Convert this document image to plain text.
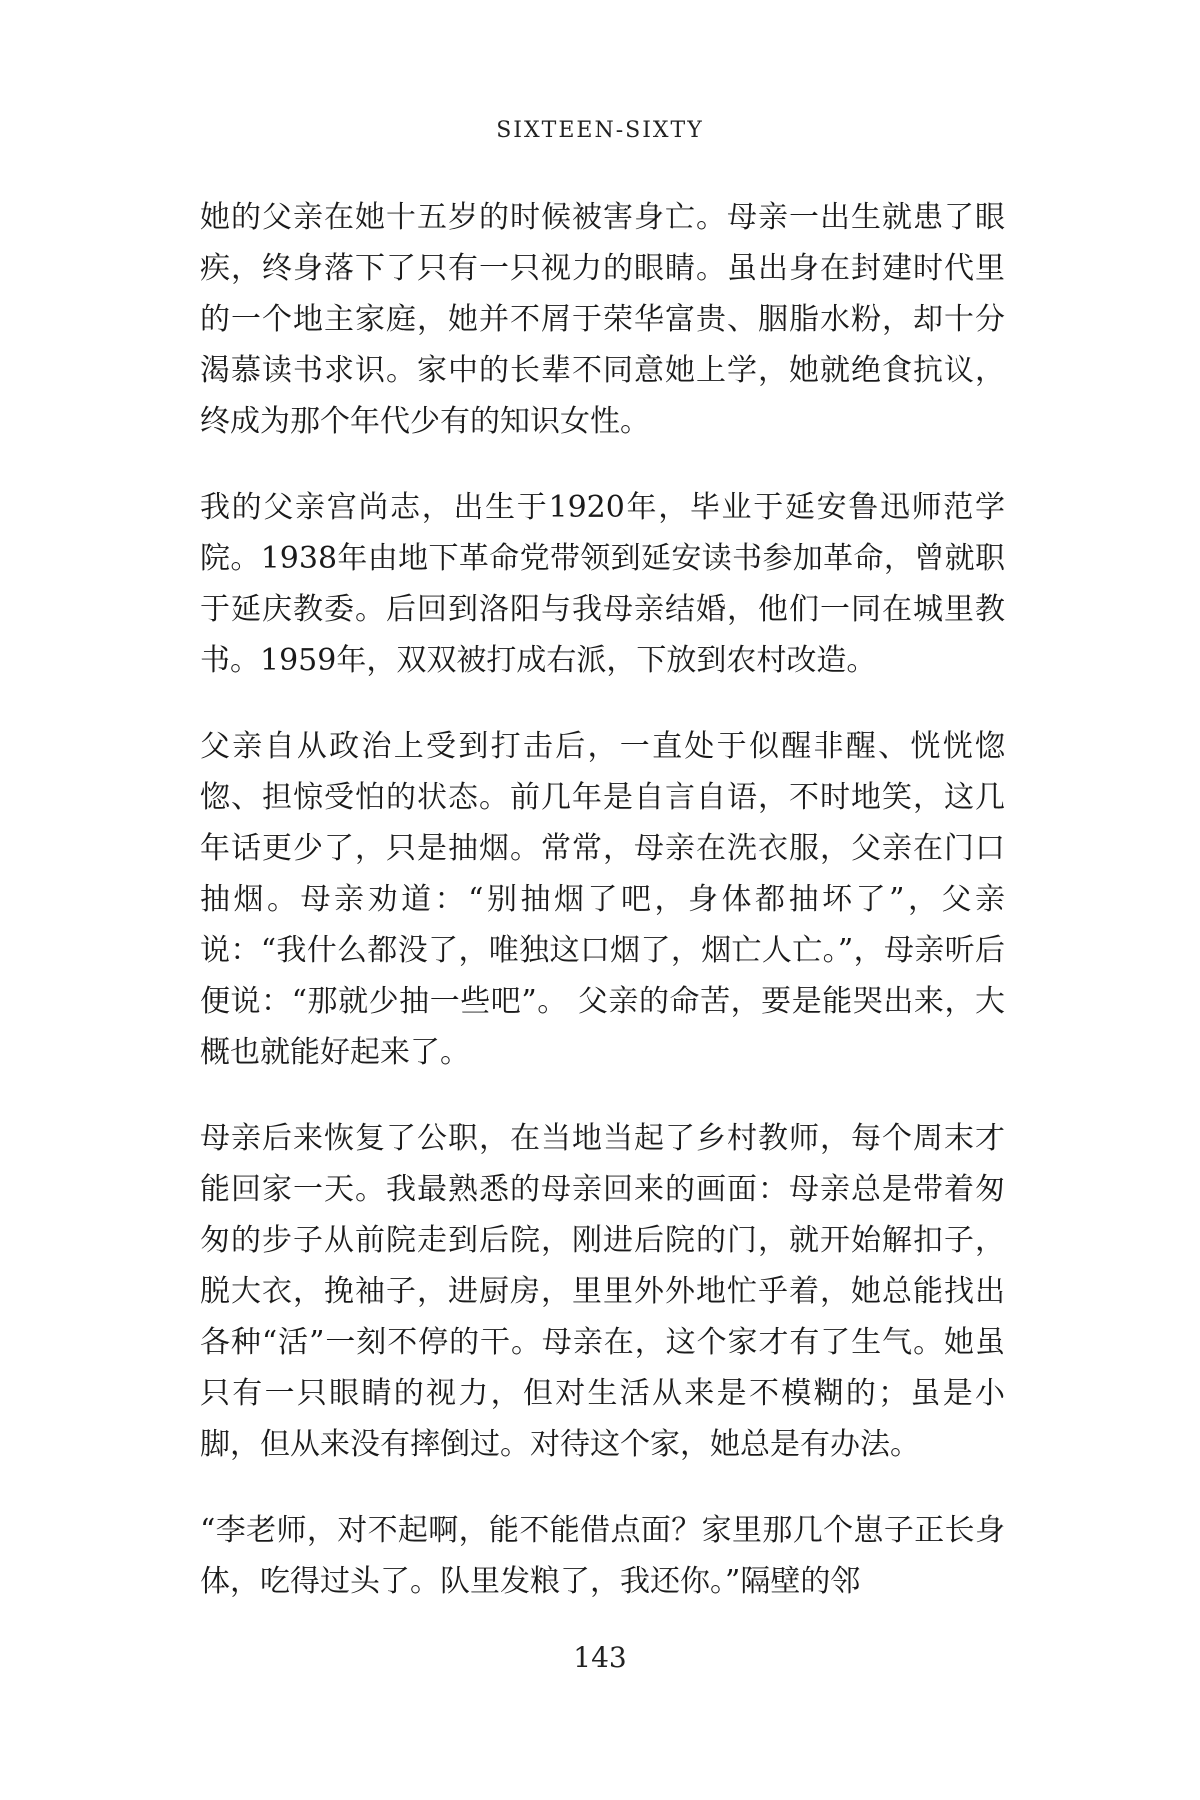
SIXTEEN-SIXTY

她的父亲在她十五岁的时候被害身亡。母亲一出生就患了眼疾，终身落下了只有一只视力的眼睛。虽出身在封建时代里的一个地主家庭，她并不屑于荣华富贵、胭脂水粉，却十分渴慕读书求识。家中的长辈不同意她上学，她就绝食抗议，终成为那个年代少有的知识女性。

我的父亲宫尚志，出生于1920年，毕业于延安鲁迅师范学院。1938年由地下革命党带领到延安读书参加革命，曾就职于延庆教委。后回到洛阳与我母亲结婚，他们一同在城里教书。1959年，双双被打成右派，下放到农村改造。

父亲自从政治上受到打击后，一直处于似醒非醒、恍恍惚惚、担惊受怕的状态。前几年是自言自语，不时地笑，这几年话更少了，只是抽烟。常常，母亲在洗衣服，父亲在门口抽烟。母亲劝道：“别抽烟了吧，身体都抽坏了”，父亲说：“我什么都没了，唯独这口烟了，烟亡人亡。”，母亲听后便说：“那就少抽一些吧”。 父亲的命苦，要是能哭出来，大概也就能好起来了。

母亲后来恢复了公职，在当地当起了乡村教师，每个周末才能回家一天。我最熟悉的母亲回来的画面：母亲总是带着匆匆的步子从前院走到后院，刚进后院的门，就开始解扣子，脱大衣，挽袖子，进厨房，里里外外地忙乎着，她总能找出各种“活”一刻不停的干。母亲在，这个家才有了生气。她虽只有一只眼睛的视力，但对生活从来是不模糊的；虽是小脚，但从来没有摔倒过。对待这个家，她总是有办法。

“李老师，对不起啊，能不能借点面？家里那几个崽子正长身体，吃得过头了。队里发粮了，我还你。”隔壁的邻

143
